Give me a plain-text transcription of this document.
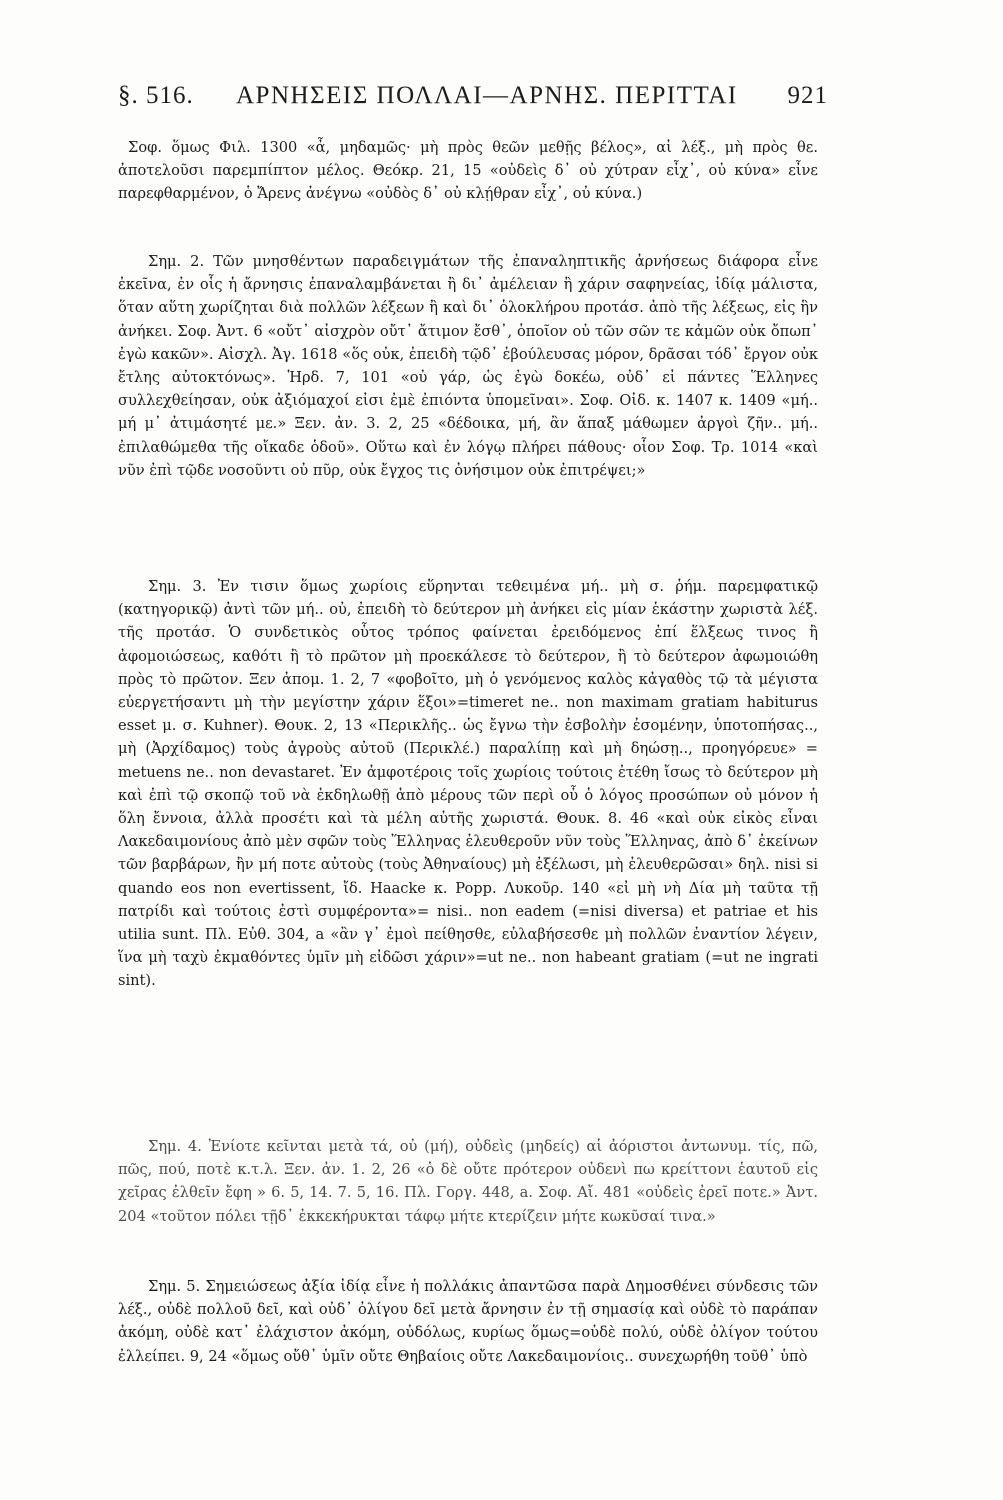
§. 516. ΑΡΝΗΣΕΙΣ ΠΟΛΛΑΙ—ΑΡΝΗΣ. ΠΕΡΙΤΤΑΙ 921

Σοφ. ὅμως Φιλ. 1300 «ἆ, μηδαμῶς· μὴ πρὸς θεῶν μεθῇς βέλος», αἱ λέξ., μὴ πρὸς θε. ἀποτελοῦσι παρεμπίπτον μέλος. Θεόκρ. 21, 15 «οὐδεὶς δ᾽ οὐ χύτραν εἶχ᾽, οὐ κύνα» εἶνε παρεφθαρμένον, ὁ Ἄρενς ἀνέγνω «οὐδὸς δ᾽ οὐ κλῄθραν εἶχ᾽, οὐ κύνα.)

Σημ. 2. Τῶν μνησθέντων παραδειγμάτων τῆς ἐπαναληπτικῆς ἀρνήσεως διάφορα εἶνε ἐκεῖνα, ἐν οἷς ἡ ἄρνησις ἐπαναλαμβάνεται ἢ δι᾽ ἀμέλειαν ἢ χάριν σαφηνείας, ἰδίᾳ μάλιστα, ὅταν αὕτη χωρίζηται διὰ πολλῶν λέξεων ἢ καὶ δι᾽ ὁλοκλήρου προτάσ. ἀπὸ τῆς λέξεως, εἰς ἣν ἀνήκει. Σοφ. Ἀντ. 6 «οὔτ᾽ αἰσχρὸν οὔτ᾽ ἄτιμον ἔσθ᾽, ὁποῖον οὐ τῶν σῶν τε κἀμῶν οὐκ ὄπωπ᾽ ἐγὼ κακῶν». Αἰσχλ. Ἀγ. 1618 «ὅς οὐκ, ἐπειδὴ τῷδ᾽ ἐβούλευσας μόρον, δρᾶσαι τόδ᾽ ἔργον οὐκ ἔτλης αὐτοκτόνως». Ἡρδ. 7, 101 «οὐ γάρ, ὡς ἐγὼ δοκέω, οὐδ᾽ εἰ πάντες Ἕλληνες συλλεχθείησαν, οὐκ ἀξιόμαχοί εἰσι ἐμὲ ἐπιόντα ὑπομεῖναι». Σοφ. Οἰδ. κ. 1407 κ. 1409 «μή.. μή μ᾽ ἀτιμάσητέ με.» Ξεν. ἀν. 3. 2, 25 «δέδοικα, μή, ἂν ἅπαξ μάθωμεν ἀργοὶ ζῆν.. μή.. ἐπιλαθώμεθα τῆς οἴκαδε ὁδοῦ». Οὕτω καὶ ἐν λόγῳ πλήρει πάθους· οἷον Σοφ. Τρ. 1014 «καὶ νῦν ἐπὶ τῷδε νοσοῦντι οὐ πῦρ, οὐκ ἔγχος τις ὀνήσιμον οὐκ ἐπιτρέψει;»

Σημ. 3. Ἐν τισιν ὅμως χωρίοις εὕρηνται τεθειμένα μή.. μὴ σ. ῥήμ. παρεμφατικῷ (κατηγορικῷ) ἀντὶ τῶν μή.. οὐ, ἐπειδὴ τὸ δεύτερον μὴ ἀνήκει εἰς μίαν ἑκάστην χωριστὰ λέξ. τῆς προτάσ. Ὁ συνδετικὸς οὗτος τρόπος φαίνεται ἐρειδόμενος ἐπί ἕλξεως τινος ἢ ἀφομοιώσεως, καθότι ἢ τὸ πρῶτον μὴ προεκάλεσε τὸ δεύτερον, ἢ τὸ δεύτερον ἀφωμοιώθη πρὸς τὸ πρῶτον. Ξεν ἀπομ. 1. 2, 7 «φοβοῖτο, μὴ ὁ γενόμενος καλὸς κἀγαθὸς τῷ τὰ μέγιστα εὐεργετήσαντι μὴ τὴν μεγίστην χάριν ἕξοι»=timeret ne.. non maximam gratiam habiturus esset μ. σ. Kuhner). Θουκ. 2, 13 «Περικλῆς.. ὡς ἔγνω τὴν ἐσβολὴν ἐσομένην, ὑποτοπήσας.., μὴ (Ἀρχίδαμος) τοὺς ἀγροὺς αὐτοῦ (Περικλέ.) παραλίπῃ καὶ μὴ δηώσῃ.., προηγόρευε» = metuens ne.. non devastaret. Ἐν ἀμφοτέροις τοῖς χωρίοις τούτοις ἐτέθη ἴσως τὸ δεύτερον μὴ καὶ ἐπὶ τῷ σκοπῷ τοῦ νὰ ἐκδηλωθῇ ἀπὸ μέρους τῶν περὶ οὗ ὁ λόγος προσώπων οὐ μόνον ἡ ὅλη ἔννοια, ἀλλὰ προσέτι καὶ τὰ μέλη αὐτῆς χωριστά. Θουκ. 8. 46 «καὶ οὐκ εἰκὸς εἶναι Λακεδαιμονίους ἀπὸ μὲν σφῶν τοὺς Ἕλληνας ἐλευθεροῦν νῦν τοὺς Ἕλληνας, ἀπὸ δ᾽ ἐκείνων τῶν βαρβάρων, ἢν μή ποτε αὐτοὺς (τοὺς Ἀθηναίους) μὴ ἐξέλωσι, μὴ ἐλευθερῶσαι» δηλ. nisi si quando eos non evertissent, ἴδ. Haacke κ. Popp. Λυκοῦρ. 140 «εἰ μὴ νὴ Δία μὴ ταῦτα τῇ πατρίδι καὶ τούτοις ἐστὶ συμφέροντα»= nisi.. non eadem (=nisi diversa) et patriae et his utilia sunt. Πλ. Εὐθ. 304, a «ἂν γ᾽ ἐμοὶ πείθησθε, εὐλαβήσεσθε μὴ πολλῶν ἐναντίον λέγειν, ἵνα μὴ ταχὺ ἐκμαθόντες ὑμῖν μὴ εἰδῶσι χάριν»=ut ne.. non habeant gratiam (=ut ne ingrati sint).

Σημ. 4. Ἐνίοτε κεῖνται μετὰ τά, οὐ (μή), οὐδεὶς (μηδείς) αἱ ἀόριστοι ἀντωνυμ. τίς, πῶ, πῶς, πού, ποτὲ κ.τ.λ. Ξεν. ἀν. 1. 2, 26 «ὁ δὲ οὔτε πρότερον οὐδενὶ πω κρείττονι ἑαυτοῦ εἰς χεῖρας ἐλθεῖν ἔφη » 6. 5, 14. 7. 5, 16. Πλ. Γοργ. 448, a. Σοφ. Αἴ. 481 «οὐδεὶς ἐρεῖ ποτε.» Ἀντ. 204 «τοῦτον πόλει τῇδ᾽ ἐκκεκήρυκται τάφῳ μήτε κτερίζειν μήτε κωκῦσαί τινα.»

Σημ. 5. Σημειώσεως ἀξία ἰδίᾳ εἶνε ἡ πολλάκις ἀπαντῶσα παρὰ Δημοσθένει σύνδεσις τῶν λέξ., οὐδὲ πολλοῦ δεῖ, καὶ οὐδ᾽ ὀλίγου δεῖ μετὰ ἄρνησιν ἐν τῇ σημασίᾳ καὶ οὐδὲ τὸ παράπαν ἀκόμη, οὐδὲ κατ᾽ ἐλάχιστον ἀκόμη, οὐδόλως, κυρίως ὅμως=οὐδὲ πολύ, οὐδὲ ὀλίγον τούτου ἐλλείπει. 9, 24 «ὅμως οὔθ᾽ ὑμῖν οὔτε Θηβαίοις οὔτε Λακεδαιμονίοις.. συνεχωρήθη τοῦθ᾽ ὑπὸ
